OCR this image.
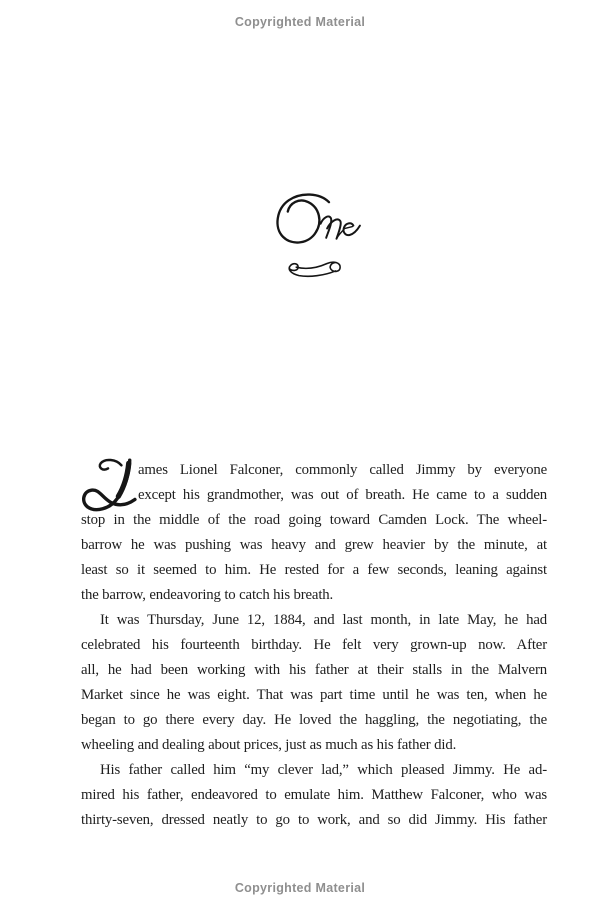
Copyrighted Material
ames Lionel Falconer, commonly called Jimmy by everyone
except his grandmother, was out of breath. He came to a sudden
stop in the middle of the road going toward Camden Lock. The wheel-
barrow he was pushing was heavy and grew heavier by the minute, at
least so it seemed to him. He rested for a few seconds, leaning against
the barrow, endeavoring to catch his breath.
It was Thursday, June 12, 1884, and last month, in late May, he had
celebrated his fourteenth birthday. He felt very grown-up now. After
all, he had been working with his father at their stalls in the Malvern
Market since he was eight. That was part time until he was ten, when he
began to go there every day. He loved the haggling, the negotiating, the
wheeling and dealing about prices, just as much as his father did.
His father called him “my clever lad,” which pleased Jimmy. He ad-
mired his father, endeavored to emulate him. Matthew Falconer, who was
thirty-seven, dressed neatly to go to work, and so did Jimmy. His father
Copyrighted Material
